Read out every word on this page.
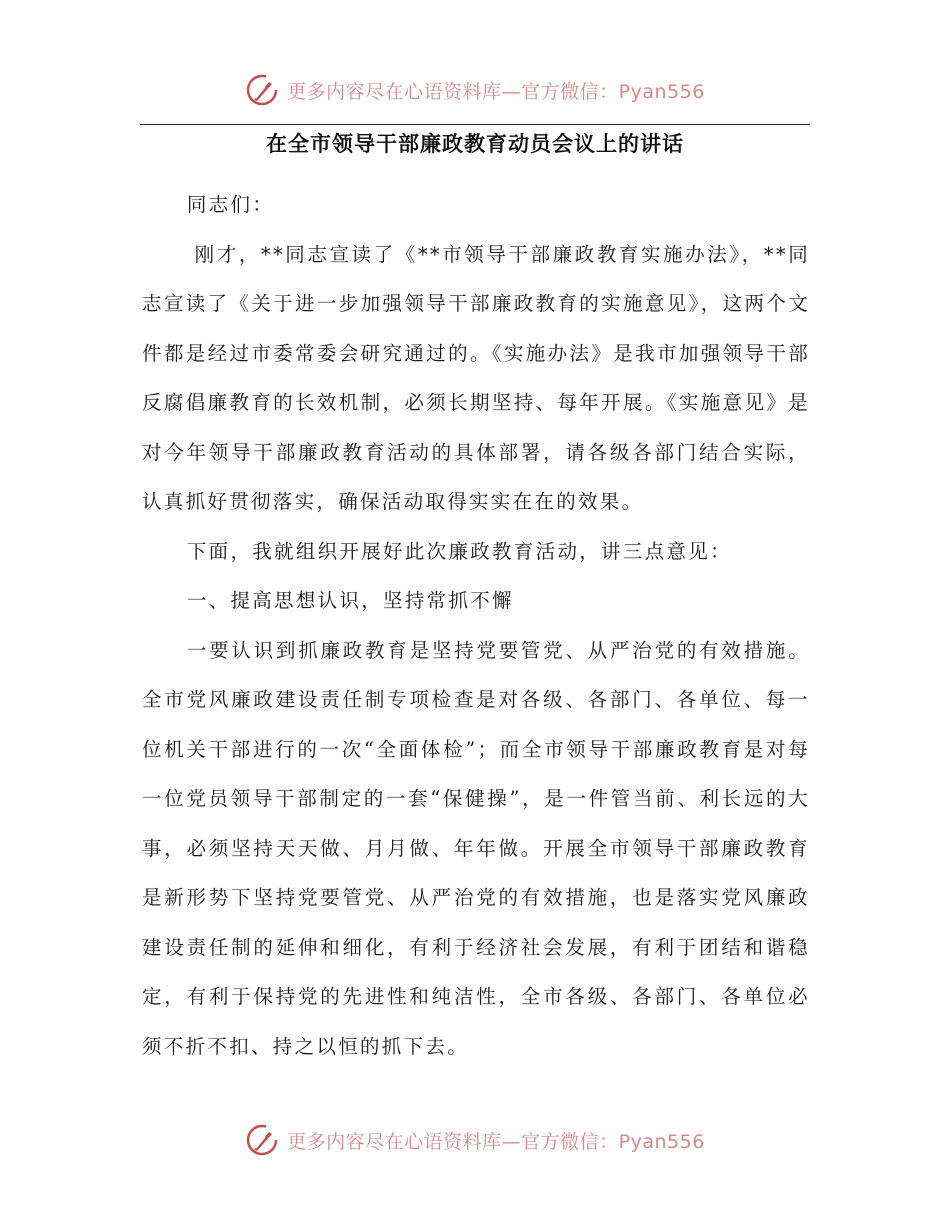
更多内容尽在心语资料库—官方微信：Pyan556
在全市领导干部廉政教育动员会议上的讲话

同志们：

刚才，**同志宣读了《**市领导干部廉政教育实施办法》，**同志宣读了《关于进一步加强领导干部廉政教育的实施意见》，这两个文件都是经过市委常委会研究通过的。《实施办法》是我市加强领导干部反腐倡廉教育的长效机制，必须长期坚持、每年开展。《实施意见》是对今年领导干部廉政教育活动的具体部署，请各级各部门结合实际，认真抓好贯彻落实，确保活动取得实实在在的效果。

下面，我就组织开展好此次廉政教育活动，讲三点意见：

一、提高思想认识，坚持常抓不懈

一要认识到抓廉政教育是坚持党要管党、从严治党的有效措施。全市党风廉政建设责任制专项检查是对各级、各部门、各单位、每一位机关干部进行的一次“全面体检”；而全市领导干部廉政教育是对每一位党员领导干部制定的一套“保健操”，是一件管当前、利长远的大事，必须坚持天天做、月月做、年年做。开展全市领导干部廉政教育是新形势下坚持党要管党、从严治党的有效措施，也是落实党风廉政建设责任制的延伸和细化，有利于经济社会发展，有利于团结和谐稳定，有利于保持党的先进性和纯洁性，全市各级、各部门、各单位必须不折不扣、持之以恒的抓下去。

更多内容尽在心语资料库—官方微信：Pyan556
